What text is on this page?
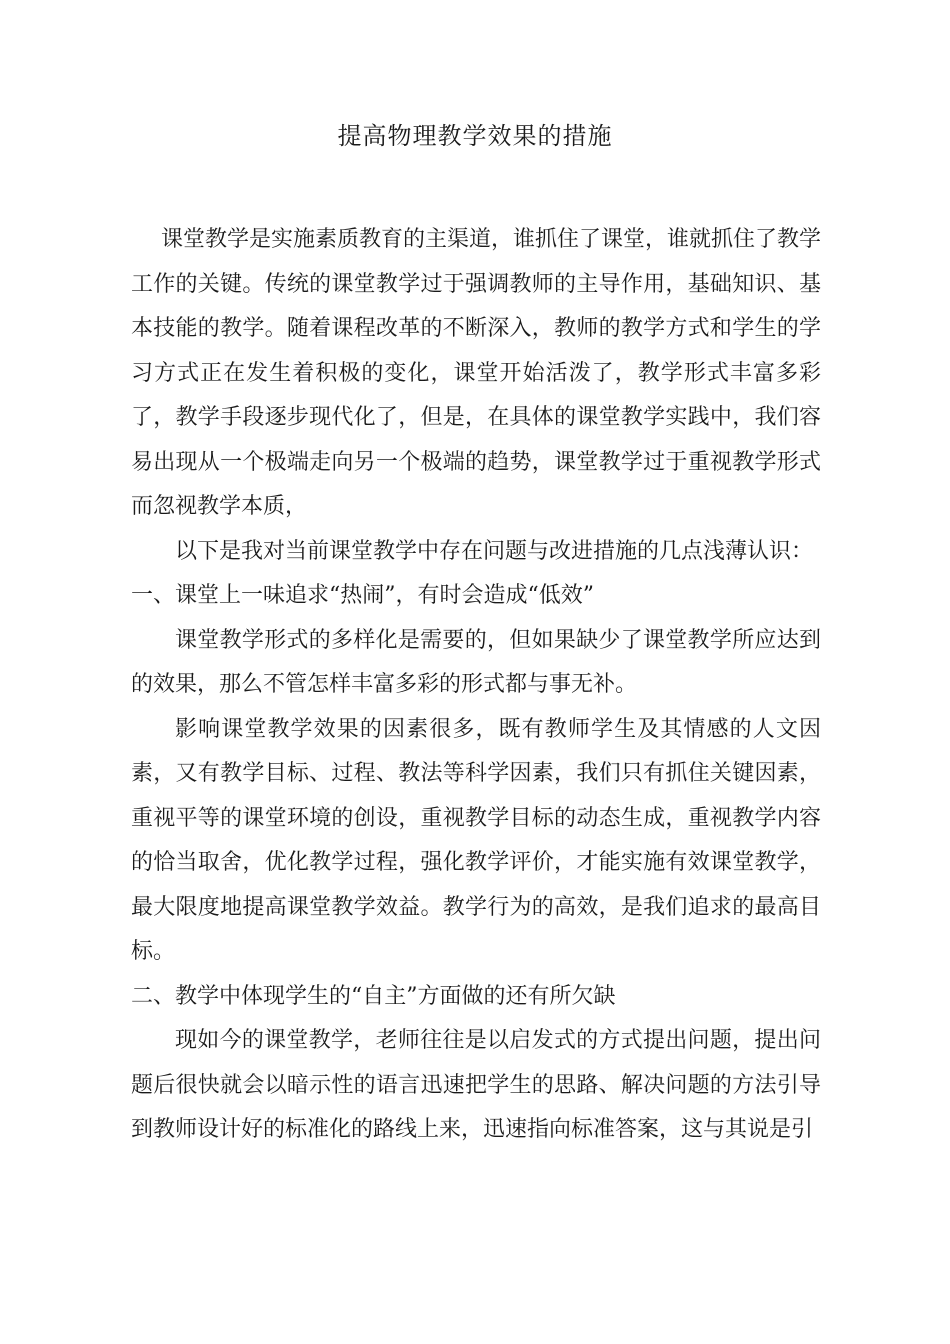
提高物理教学效果的措施

课堂教学是实施素质教育的主渠道，谁抓住了课堂，谁就抓住了教学工作的关键。传统的课堂教学过于强调教师的主导作用，基础知识、基本技能的教学。随着课程改革的不断深入，教师的教学方式和学生的学习方式正在发生着积极的变化，课堂开始活泼了，教学形式丰富多彩了，教学手段逐步现代化了，但是，在具体的课堂教学实践中，我们容易出现从一个极端走向另一个极端的趋势，课堂教学过于重视教学形式而忽视教学本质，

以下是我对当前课堂教学中存在问题与改进措施的几点浅薄认识：

一、课堂上一味追求“热闹”，有时会造成“低效”

课堂教学形式的多样化是需要的，但如果缺少了课堂教学所应达到的效果，那么不管怎样丰富多彩的形式都与事无补。

影响课堂教学效果的因素很多，既有教师学生及其情感的人文因素，又有教学目标、过程、教法等科学因素，我们只有抓住关键因素，重视平等的课堂环境的创设，重视教学目标的动态生成，重视教学内容的恰当取舍，优化教学过程，强化教学评价，才能实施有效课堂教学，最大限度地提高课堂教学效益。教学行为的高效，是我们追求的最高目标。

二、教学中体现学生的“自主”方面做的还有所欠缺

现如今的课堂教学，老师往往是以启发式的方式提出问题，提出问题后很快就会以暗示性的语言迅速把学生的思路、解决问题的方法引导到教师设计好的标准化的路线上来，迅速指向标准答案，这与其说是引
